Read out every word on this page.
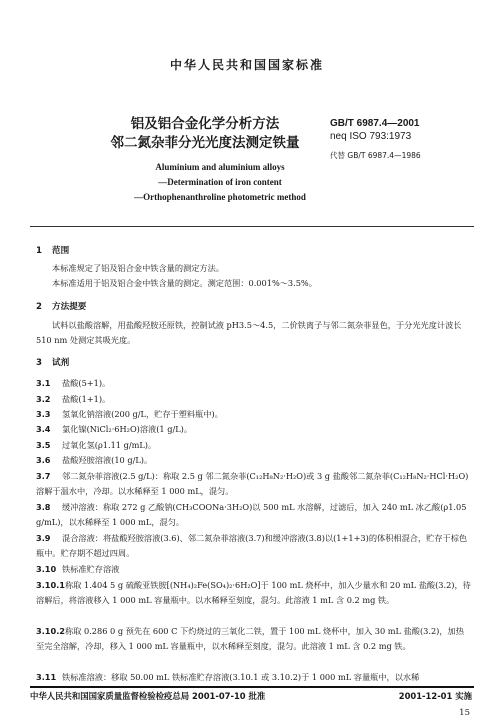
中华人民共和国国家标准
铝及铝合金化学分析方法
邻二氮杂菲分光光度法测定铁量
GB/T 6987.4—2001
neq ISO 793:1973
代替 GB/T 6987.4—1986
Aluminium and aluminium alloys
—Determination of iron content
—Orthophenanthroline photometric method
1 范围
本标准规定了铝及铝合金中铁含量的测定方法。
本标准适用于铝及铝合金中铁含量的测定。测定范围：0.001%～3.5%。
2 方法提要
试料以盐酸溶解，用盐酸羟胺还原铁，控制试液 pH3.5～4.5，二价铁离子与邻二氮杂菲显色，于分光光度计波长 510 nm 处测定其吸光度。
3 试剂
3.1 盐酸(5+1)。
3.2 盐酸(1+1)。
3.3 氢氧化钠溶液(200 g/L，贮存于塑料瓶中)。
3.4 氯化镍(NiCl₂·6H₂O)溶液(1 g/L)。
3.5 过氧化氢(ρ1.11 g/mL)。
3.6 盐酸羟胺溶液(10 g/L)。
3.7 邻二氮杂菲溶液(2.5 g/L)：称取 2.5 g 邻二氮杂菲(C₁₂H₈N₂·H₂O)或 3 g 盐酸邻二氮杂菲(C₁₂H₈N₂·HCl·H₂O)溶解于温水中，冷却。以水稀释至 1 000 mL，混匀。
3.8 缓冲溶液：称取 272 g 乙酸钠(CH₃COONa·3H₂O)以 500 mL 水溶解，过滤后，加入 240 mL 冰乙酸(ρ1.05 g/mL)，以水稀释至 1 000 mL，混匀。
3.9 混合溶液：将盐酸羟胺溶液(3.6)、邻二氮杂菲溶液(3.7)和缓冲溶液(3.8)以(1+1+3)的体积相混合，贮存于棕色瓶中。贮存期不超过四周。
3.10 铁标准贮存溶液
3.10.1称取 1.404 5 g 硫酸亚铁胺[(NH₄)₂Fe(SO₄)₂·6H₂O]于 100 mL 烧杯中，加入少量水和 20 mL 盐酸(3.2)，待溶解后，将溶液移入 1 000 mL 容量瓶中。以水稀释至刻度，混匀。此溶液 1 mL 含 0.2 mg 铁。
3.10.2称取 0.286 0 g 预先在 600 C 下灼烧过的三氧化二铁，置于 100 mL 烧杯中，加入 30 mL 盐酸(3.2)，加热至完全溶解，冷却，移入 1 000 mL 容量瓶中，以水稀释至刻度，混匀。此溶液 1 mL 含 0.2 mg 铁。
3.11 铁标准溶液：移取 50.00 mL 铁标准贮存溶液(3.10.1 或 3.10.2)于 1 000 mL 容量瓶中，以水稀
中华人民共和国国家质量监督检验检疫总局 2001-07-10 批准	2001-12-01 实施
15
